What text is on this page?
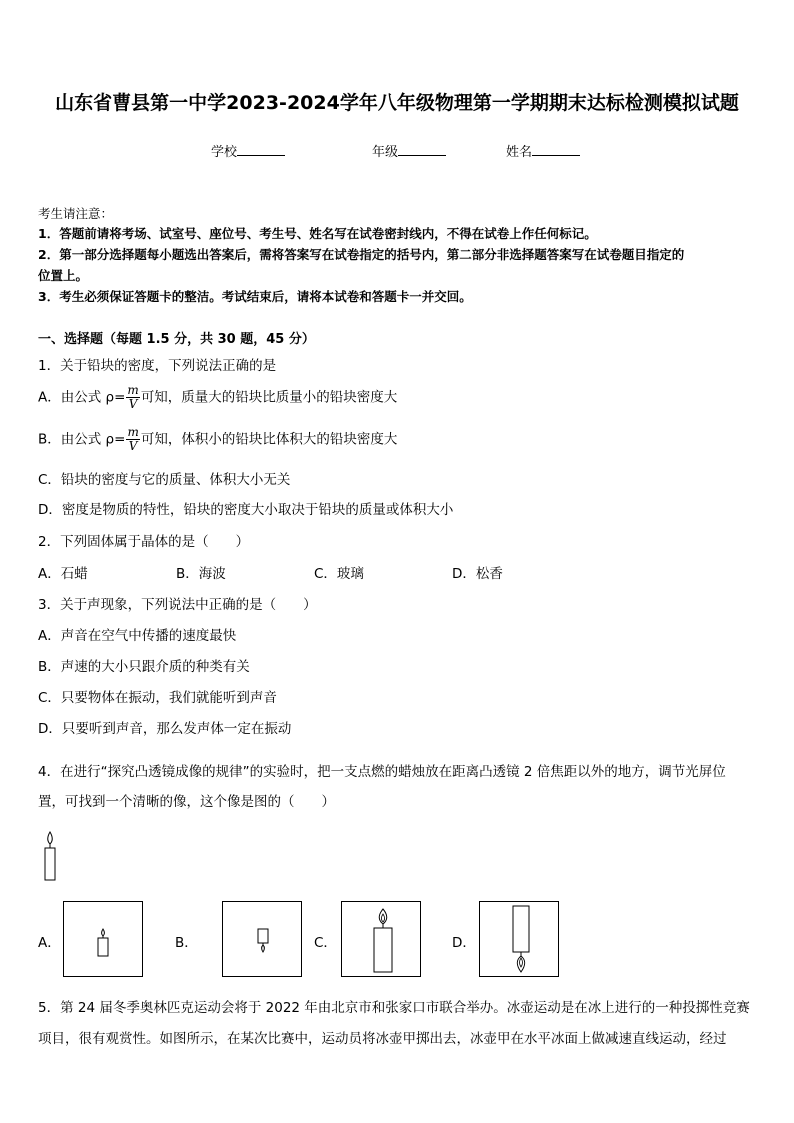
山东省曹县第一中学2023-2024学年八年级物理第一学期期末达标检测模拟试题
学校	年级	姓名
考生请注意：
1．答题前请将考场、试室号、座位号、考生号、姓名写在试卷密封线内，不得在试卷上作任何标记。
2．第一部分选择题每小题选出答案后，需将答案写在试卷指定的括号内，第二部分非选择题答案写在试卷题目指定的
位置上。
3．考生必须保证答题卡的整洁。考试结束后，请将本试卷和答题卡一并交回。
一、选择题（每题 1.5 分，共 30 题，45 分）
1．关于铅块的密度，下列说法正确的是
A．由公式 $\rho= \frac{m}{V}$ 可知，质量大的铅块比质量小的铅块密度大
B．由公式 $\rho= \frac{m}{V}$ 可知，体积小的铅块比体积大的铅块密度大
C．铅块的密度与它的质量、体积大小无关
D．密度是物质的特性，铅块的密度大小取决于铅块的质量或体积大小
2．下列固体属于晶体的是（　　）
A．石蜡	B．海波	C．玻璃	D．松香
3．关于声现象，下列说法中正确的是（　　）
A．声音在空气中传播的速度最快
B．声速的大小只跟介质的种类有关
C．只要物体在振动，我们就能听到声音
D．只要听到声音，那么发声体一定在振动
4．在进行“探究凸透镜成像的规律”的实验时，把一支点燃的蜡烛放在距离凸透镜 2 倍焦距以外的地方，调节光屏位
置，可找到一个清晰的像，这个像是图的（　　）
A．	B．	C．	D．
5．第 24 届冬季奥林匹克运动会将于 2022 年由北京市和张家口市联合举办。冰壶运动是在冰上进行的一种投掷性竞赛
项目，很有观赏性。如图所示，在某次比赛中，运动员将冰壶甲掷出去，冰壶甲在水平冰面上做减速直线运动，经过
